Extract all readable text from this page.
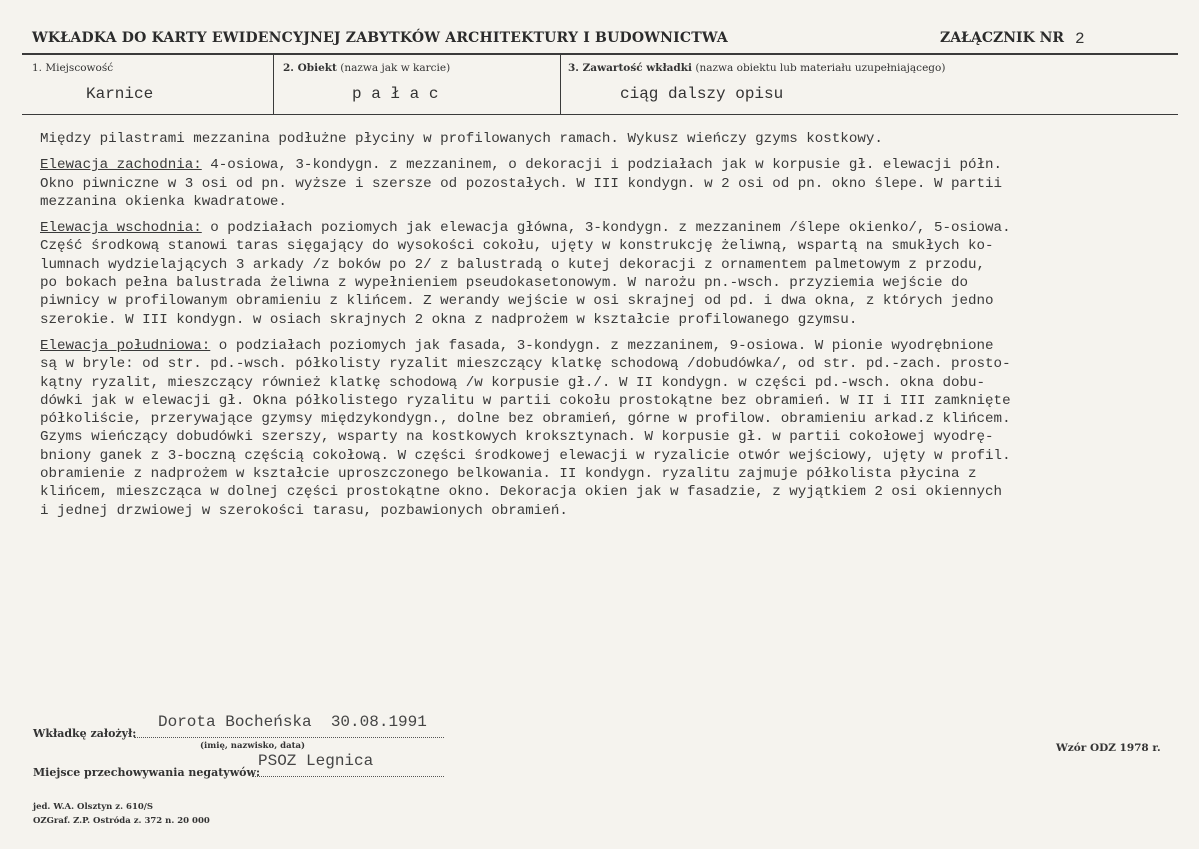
WKŁADKA DO KARTY EWIDENCYJNEJ ZABYTKÓW ARCHITEKTURY I BUDOWNICTWA	ZAŁĄCZNIK NR 2
1. Miejscowość	2. Obiekt (nazwa jak w karcie)	3. Zawartość wkładki (nazwa obiektu lub materiału uzupełniającego)
Karnice	p a ł a c	ciąg dalszy opisu
Między pilastrami mezzanina podłużne płyciny w profilowanych ramach. Wykusz wieńczy gzyms kostkowy.
Elewacja zachodnia: 4-osiowa, 3-kondygn. z mezzaninem, o dekoracji i podziałach jak w korpusie gł. elewacji półn.
Okno piwniczne w 3 osi od pn. wyższe i szersze od pozostałych. W III kondygn. w 2 osi od pn. okno ślepe. W partii
mezzanina okienka kwadratowe.
Elewacja wschodnia: o podziałach poziomych jak elewacja główna, 3-kondygn. z mezzaninem /ślepe okienko/, 5-osiowa.
Część środkową stanowi taras sięgający do wysokości cokołu, ujęty w konstrukcję żeliwną, wspartą na smukłych ko-
lumnach wydzielających 3 arkady /z boków po 2/ z balustradą o kutej dekoracji z ornamentem palmetowym z przodu,
po bokach pełna balustrada żeliwna z wypełnieniem pseudokasetonowym. W narożu pn.-wsch. przyziemia wejście do
piwnicy w profilowanym obramieniu z klińcem. Z werandy wejście w osi skrajnej od pd. i dwa okna, z których jedno
szerokie. W III kondygn. w osiach skrajnych 2 okna z nadprożem w kształcie profilowanego gzymsu.
Elewacja południowa: o podziałach poziomych jak fasada, 3-kondygn. z mezzaninem, 9-osiowa. W pionie wyodrębnione
są w bryle: od str. pd.-wsch. półkolisty ryzalit mieszczący klatkę schodową /dobudówka/, od str. pd.-zach. prosto-
kątny ryzalit, mieszczący również klatkę schodową /w korpusie gł./. W II kondygn. w części pd.-wsch. okna dobu-
dówki jak w elewacji gł. Okna półkolistego ryzalitu w partii cokołu prostokątne bez obramień. W II i III zamknięte
półkoliście, przerywające gzymsy międzykondygn., dolne bez obramień, górne w profilow. obramieniu arkad.z klińcem.
Gzyms wieńczący dobudówki szerszy, wsparty na kostkowych kroksztynach. W korpusie gł. w partii cokołowej wyodrę-
bniony ganek z 3-boczną częścią cokołową. W części środkowej elewacji w ryzalicie otwór wejściowy, ujęty w profil.
obramienie z nadprożem w kształcie uproszczonego belkowania. II kondygn. ryzalitu zajmuje półkolista płycina z
klińcem, mieszcząca w dolnej części prostokątne okno. Dekoracja okien jak w fasadzie, z wyjątkiem 2 osi okiennych
i jednej drzwiowej w szerokości tarasu, pozbawionych obramień.
Wkładkę założył:
Dorota Bocheńska  30.08.1991
(imię, nazwisko, data)
Miejsce przechowywania negatywów:
PSOZ Legnica
Wzór ODZ 1978 r.
jed. W.A. Olsztyn z. 610/S
OZGraf. Z.P. Ostróda z. 372 n. 20 000
